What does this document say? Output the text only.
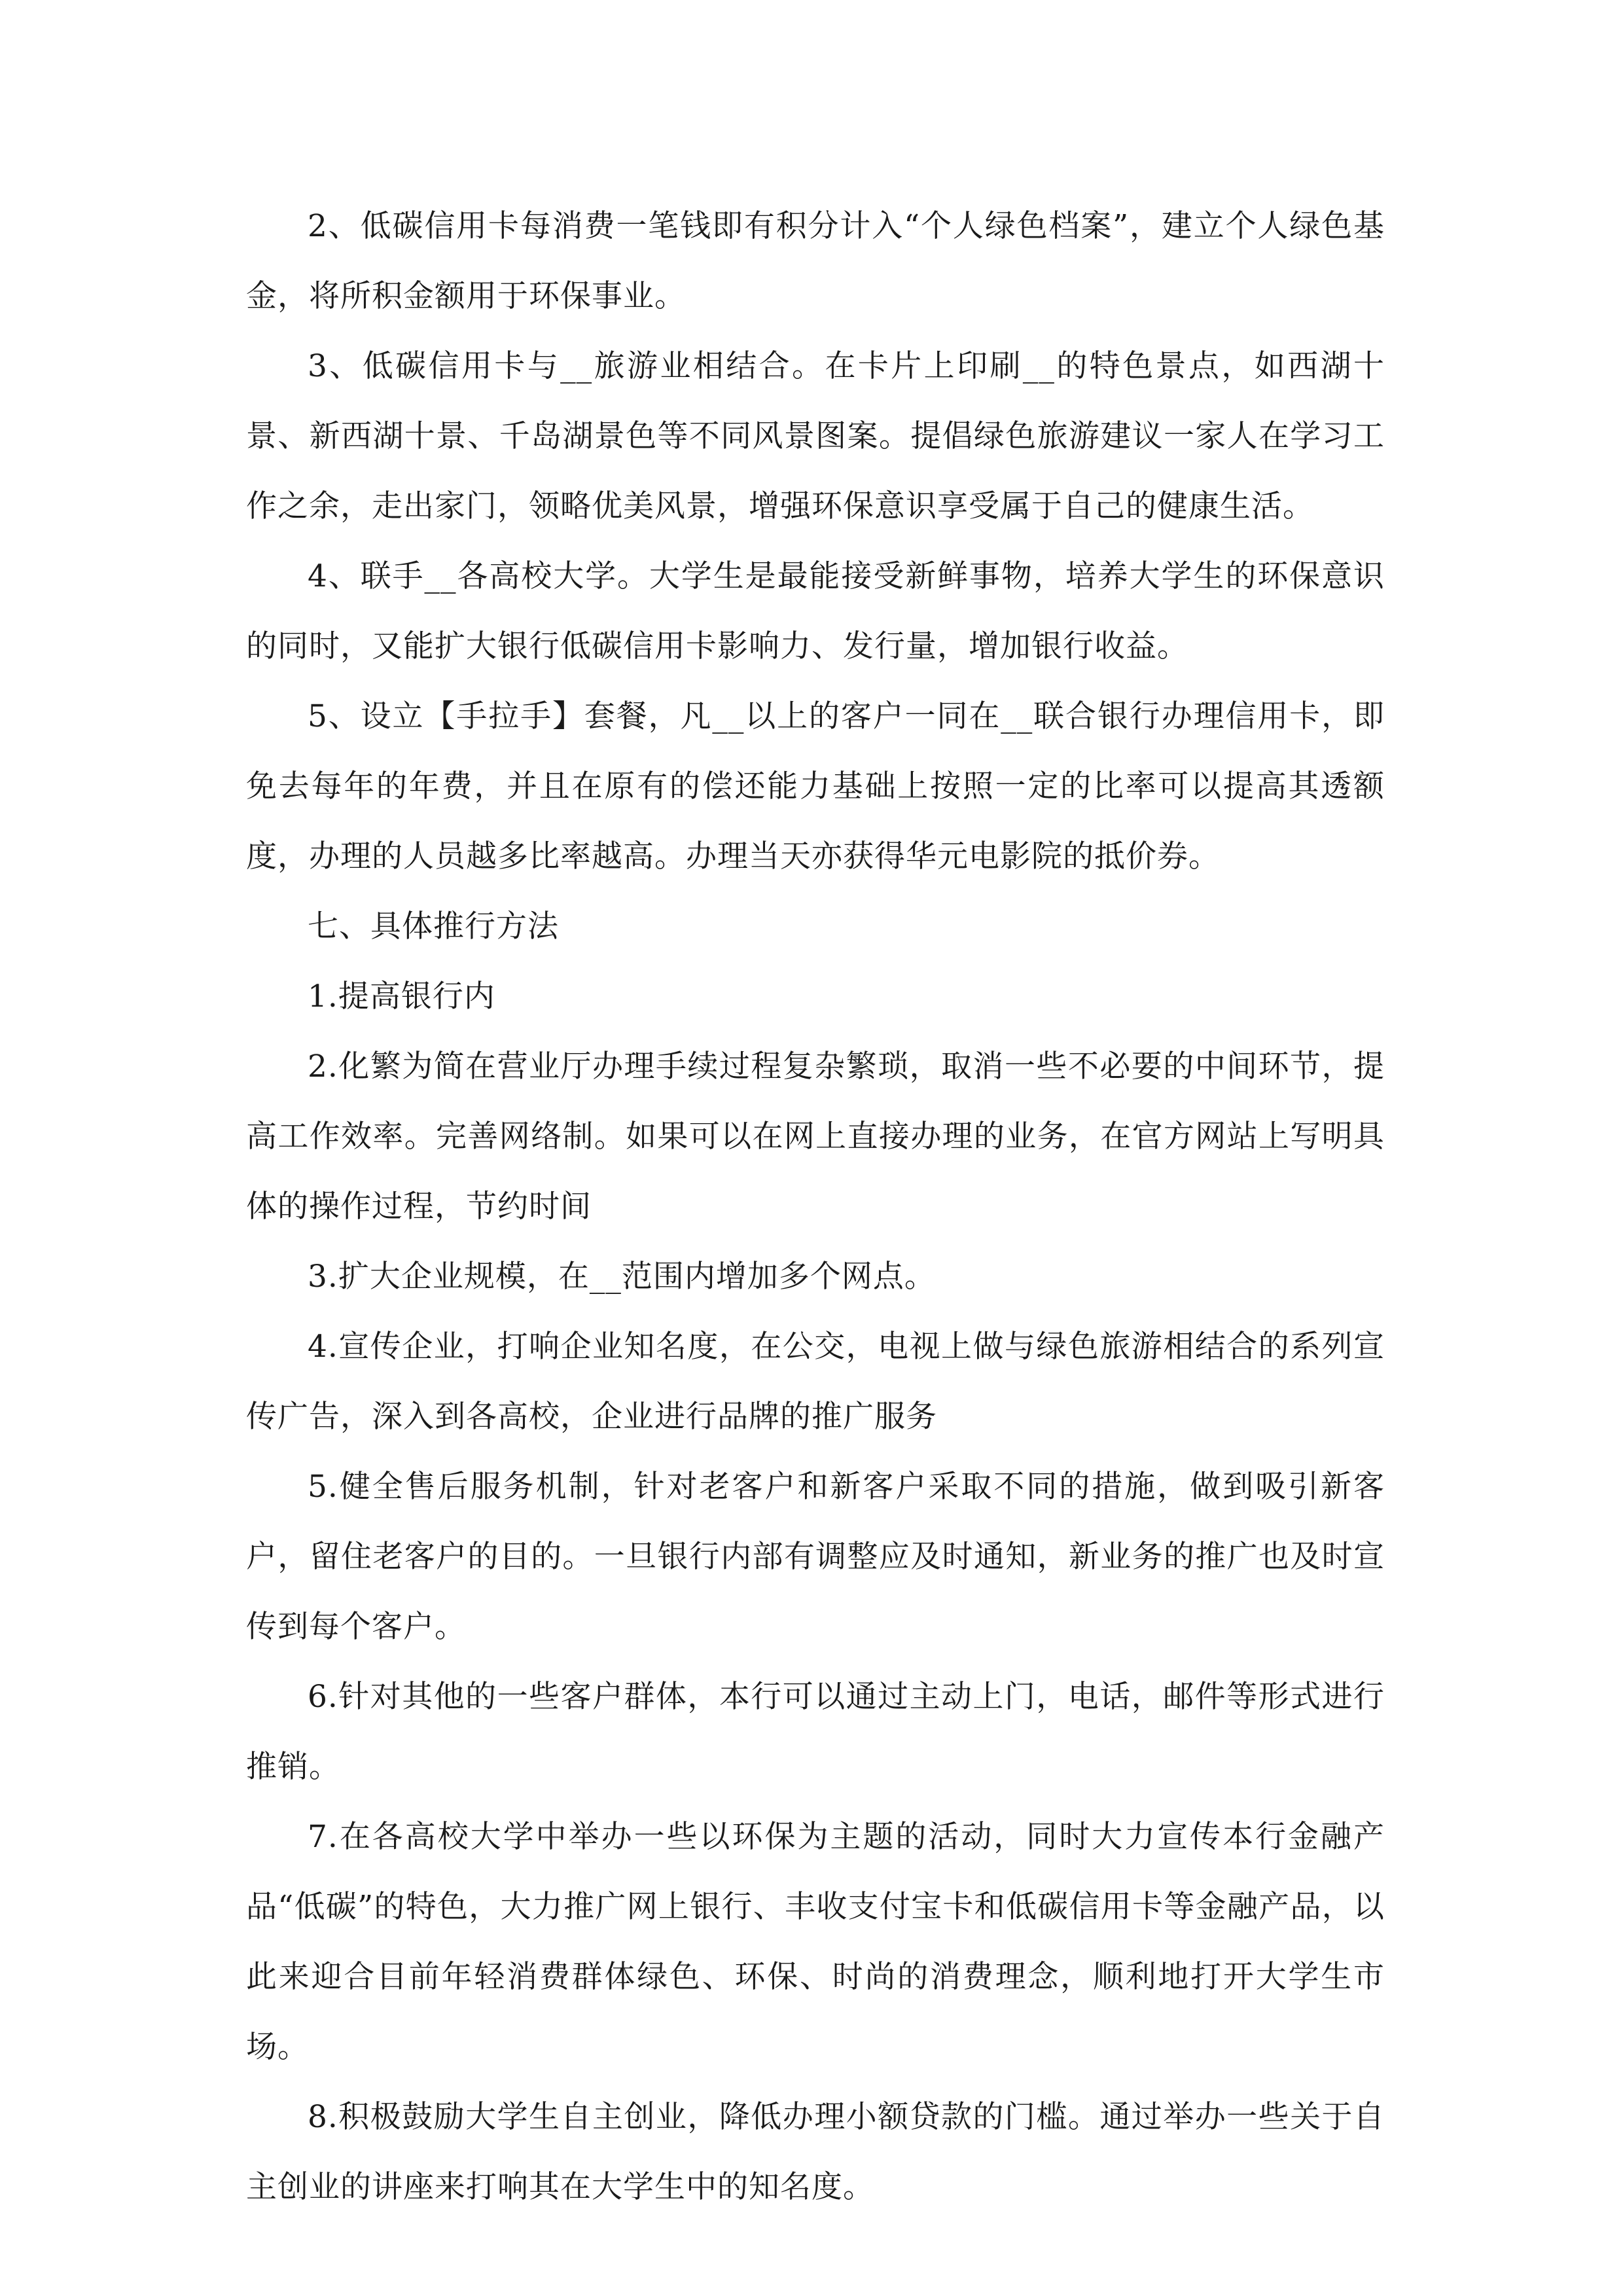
2、低碳信用卡每消费一笔钱即有积分计入“个人绿色档案”，建立个人绿色基金，将所积金额用于环保事业。

3、低碳信用卡与__旅游业相结合。在卡片上印刷__的特色景点，如西湖十景、新西湖十景、千岛湖景色等不同风景图案。提倡绿色旅游建议一家人在学习工作之余，走出家门，领略优美风景，增强环保意识享受属于自己的健康生活。

4、联手__各高校大学。大学生是最能接受新鲜事物，培养大学生的环保意识的同时，又能扩大银行低碳信用卡影响力、发行量，增加银行收益。

5、设立【手拉手】套餐，凡__以上的客户一同在__联合银行办理信用卡，即免去每年的年费，并且在原有的偿还能力基础上按照一定的比率可以提高其透额度，办理的人员越多比率越高。办理当天亦获得华元电影院的抵价券。

七、具体推行方法

1.提高银行内

2.化繁为简在营业厅办理手续过程复杂繁琐，取消一些不必要的中间环节，提高工作效率。完善网络制。如果可以在网上直接办理的业务，在官方网站上写明具体的操作过程，节约时间

3.扩大企业规模，在__范围内增加多个网点。

4.宣传企业，打响企业知名度，在公交，电视上做与绿色旅游相结合的系列宣传广告，深入到各高校，企业进行品牌的推广服务

5.健全售后服务机制，针对老客户和新客户采取不同的措施，做到吸引新客户，留住老客户的目的。一旦银行内部有调整应及时通知，新业务的推广也及时宣传到每个客户。

6.针对其他的一些客户群体，本行可以通过主动上门，电话，邮件等形式进行推销。

7.在各高校大学中举办一些以环保为主题的活动，同时大力宣传本行金融产品“低碳”的特色，大力推广网上银行、丰收支付宝卡和低碳信用卡等金融产品，以此来迎合目前年轻消费群体绿色、环保、时尚的消费理念，顺利地打开大学生市场。

8.积极鼓励大学生自主创业，降低办理小额贷款的门槛。通过举办一些关于自主创业的讲座来打响其在大学生中的知名度。
